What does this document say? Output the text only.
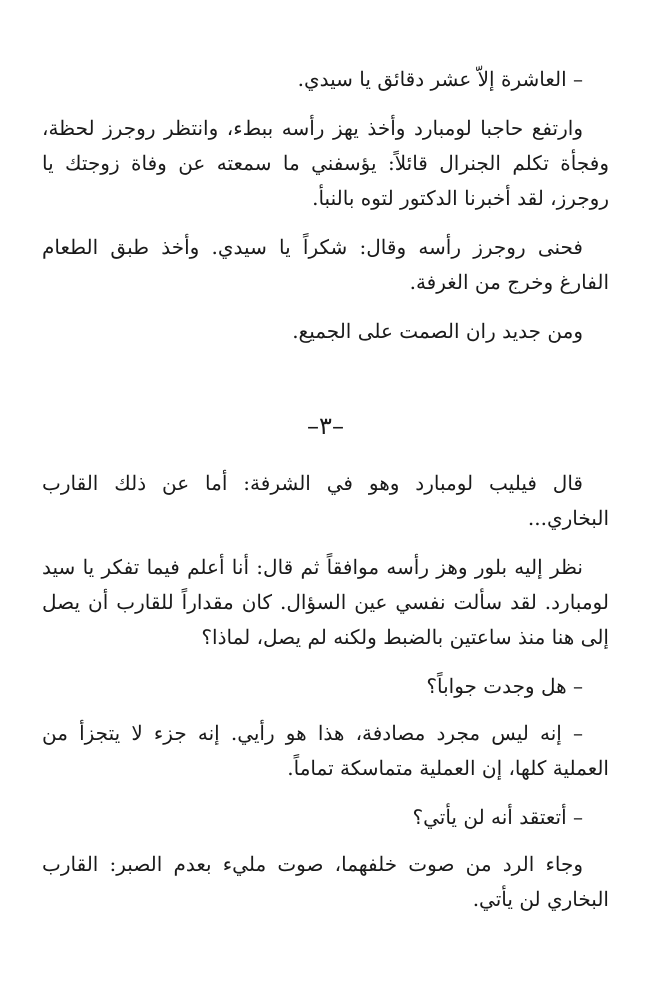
– العاشرة إلاّ عشر دقائق يا سيدي.

وارتفع حاجبا لومبارد وأخذ يهز رأسه ببطء، وانتظر روجرز لحظة، وفجأة تكلم الجنرال قائلاً: يؤسفني ما سمعته عن وفاة زوجتك يا روجرز، لقد أخبرنا الدكتور لتوه بالنبأ.

فحنى روجرز رأسه وقال: شكراً يا سيدي. وأخذ طبق الطعام الفارغ وخرج من الغرفة.

ومن جديد ران الصمت على الجميع.

–٣–

قال فيليب لومبارد وهو في الشرفة: أما عن ذلك القارب البخاري...

نظر إليه بلور وهز رأسه موافقاً ثم قال: أنا أعلم فيما تفكر يا سيد لومبارد. لقد سألت نفسي عين السؤال. كان مقداراً للقارب أن يصل إلى هنا منذ ساعتين بالضبط ولكنه لم يصل، لماذا؟

– هل وجدت جواباً؟

– إنه ليس مجرد مصادفة، هذا هو رأيي. إنه جزء لا يتجزأ من العملية كلها، إن العملية متماسكة تماماً.

– أتعتقد أنه لن يأتي؟

وجاء الرد من صوت خلفهما، صوت مليء بعدم الصبر: القارب البخاري لن يأتي.
